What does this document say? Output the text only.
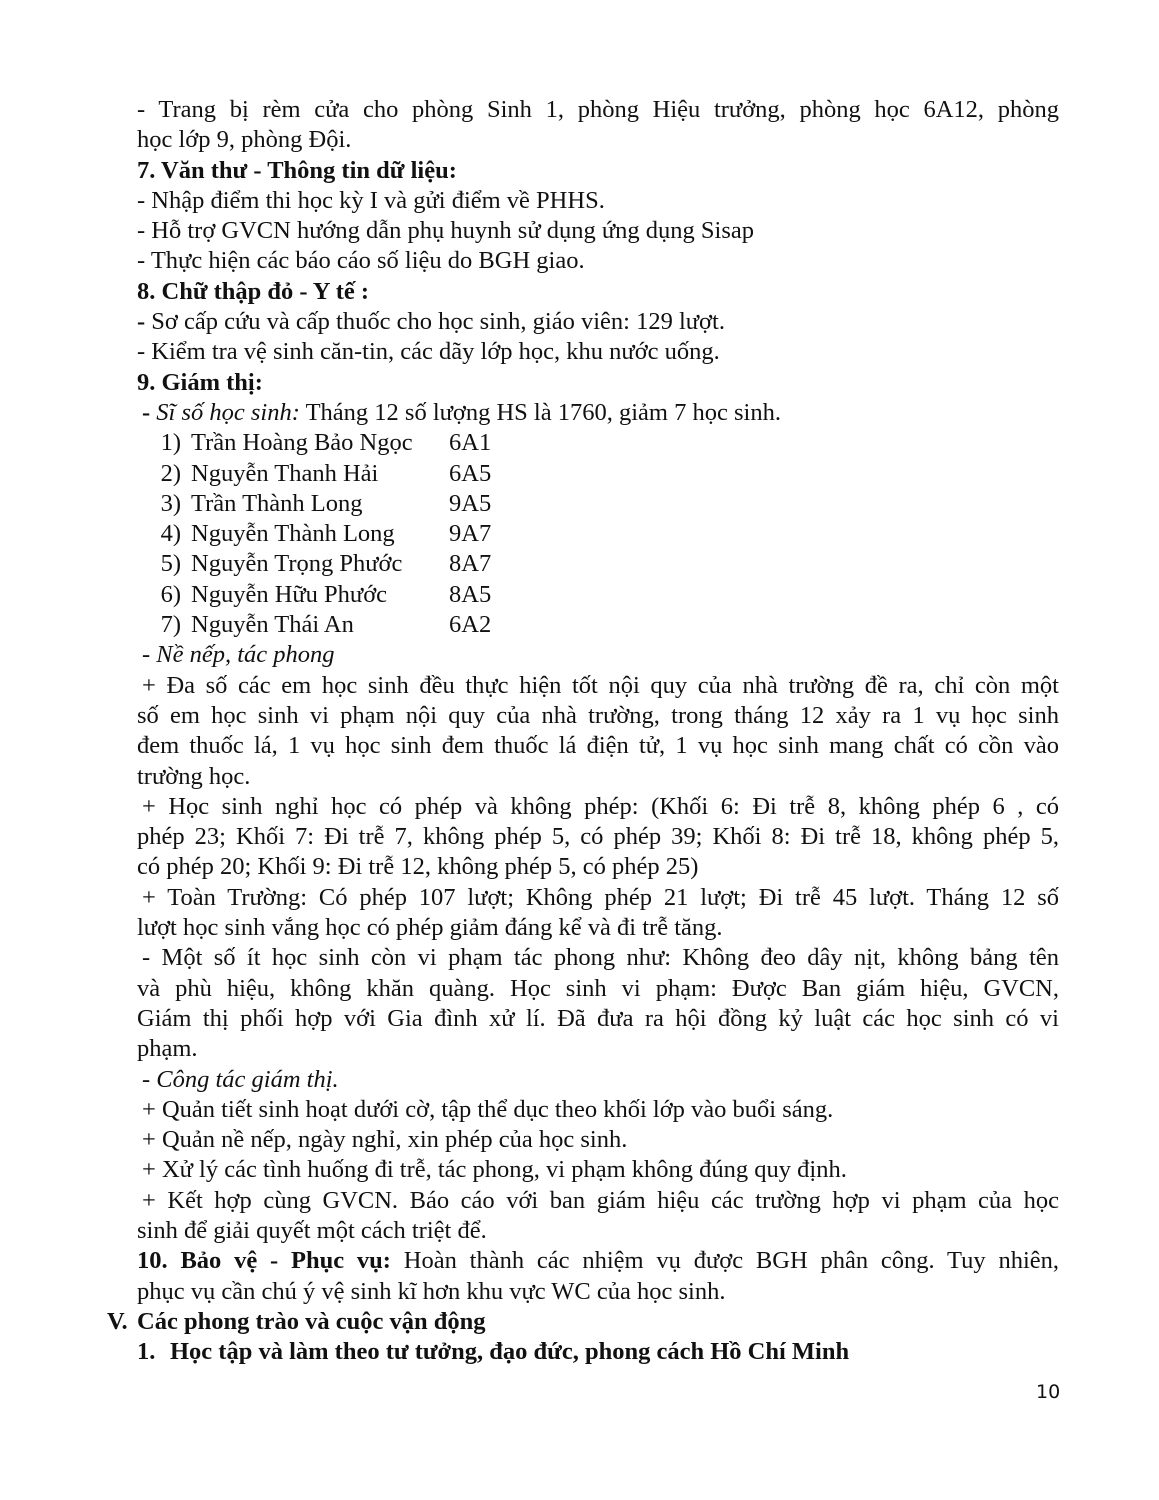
- Trang bị rèm cửa cho phòng Sinh 1, phòng Hiệu trưởng, phòng học 6A12, phòng
học lớp 9, phòng Đội.
7. Văn thư - Thông tin dữ liệu:
- Nhập điểm thi học kỳ I và gửi điểm về PHHS.
- Hỗ trợ GVCN hướng dẫn phụ huynh sử dụng ứng dụng Sisap
- Thực hiện các báo cáo số liệu do BGH giao.
8. Chữ thập đỏ - Y tế :
- Sơ cấp cứu và cấp thuốc cho học sinh, giáo viên: 129 lượt.
- Kiểm tra vệ sinh căn-tin, các dãy lớp học, khu nước uống.
9. Giám thị:
- Sĩ số học sinh: Tháng 12 số lượng HS là 1760, giảm 7 học sinh.
1) Trần Hoàng Bảo Ngọc	6A1
2) Nguyễn Thanh Hải	6A5
3) Trần Thành Long	9A5
4) Nguyễn Thành Long	9A7
5) Nguyễn Trọng Phước	8A7
6) Nguyễn Hữu Phước	8A5
7) Nguyễn Thái An	6A2
- Nề nếp, tác phong
+ Đa số các em học sinh đều thực hiện tốt nội quy của nhà trường đề ra, chỉ còn một
số em học sinh vi phạm nội quy của nhà trường, trong tháng 12 xảy ra 1 vụ học sinh
đem thuốc lá, 1 vụ học sinh đem thuốc lá điện tử, 1 vụ học sinh mang chất có cồn vào
trường học.
+ Học sinh nghỉ học có phép và không phép: (Khối 6: Đi trễ 8, không phép 6 , có
phép 23; Khối 7: Đi trễ 7, không phép 5, có phép 39; Khối 8: Đi trễ 18, không phép 5,
có phép 20; Khối 9: Đi trễ 12, không phép 5, có phép 25)
+ Toàn Trường: Có phép 107 lượt; Không phép 21 lượt; Đi trễ 45 lượt. Tháng 12 số
lượt học sinh vắng học có phép giảm đáng kể và đi trễ tăng.
- Một số ít học sinh còn vi phạm tác phong như: Không đeo dây nịt, không bảng tên
và phù hiệu, không khăn quàng. Học sinh vi phạm: Được Ban giám hiệu, GVCN,
Giám thị phối hợp với Gia đình xử lí. Đã đưa ra hội đồng kỷ luật các học sinh có vi
phạm.
- Công tác giám thị.
+ Quản tiết sinh hoạt dưới cờ, tập thể dục theo khối lớp vào buổi sáng.
+ Quản nề nếp, ngày nghỉ, xin phép của học sinh.
+ Xử lý các tình huống đi trễ, tác phong, vi phạm không đúng quy định.
+ Kết hợp cùng GVCN. Báo cáo với ban giám hiệu các trường hợp vi phạm của học
sinh để giải quyết một cách triệt để.
10. Bảo vệ - Phục vụ: Hoàn thành các nhiệm vụ được BGH phân công. Tuy nhiên,
phục vụ cần chú ý vệ sinh kĩ hơn khu vực WC của học sinh.
V. Các phong trào và cuộc vận động
1. Học tập và làm theo tư tưởng, đạo đức, phong cách Hồ Chí Minh
10
